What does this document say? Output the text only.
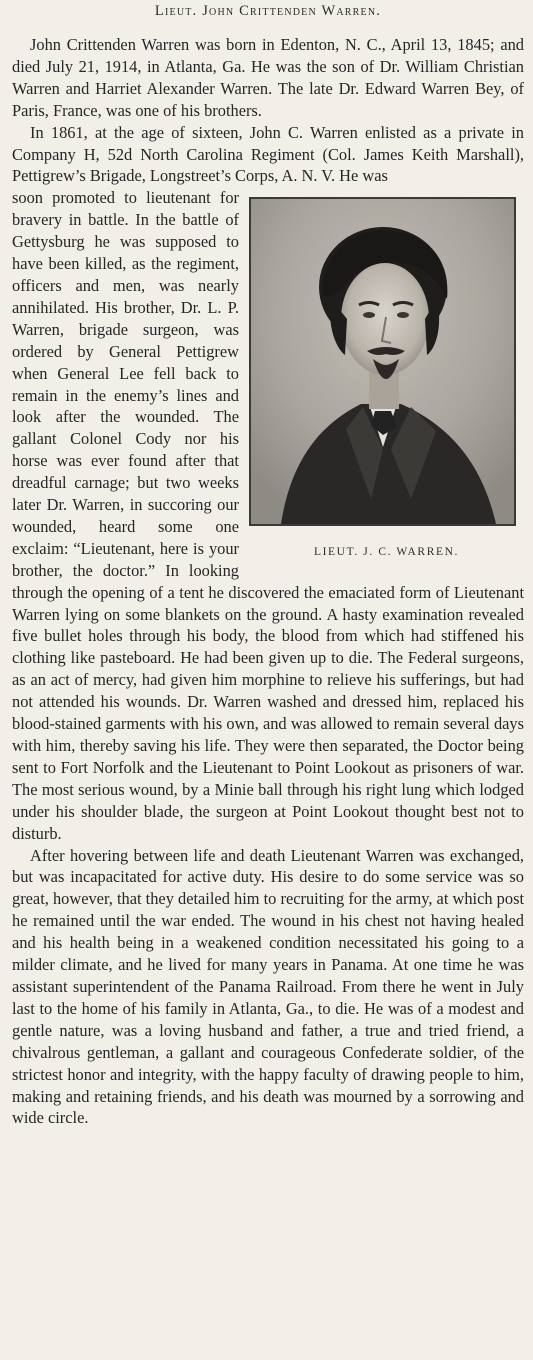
Lieut. John Crittenden Warren.

John Crittenden Warren was born in Edenton, N. C., April 13, 1845; and died July 21, 1914, in Atlanta, Ga. He was the son of Dr. William Christian Warren and Harriet Alexander Warren. The late Dr. Edward Warren Bey, of Paris, France, was one of his brothers.

In 1861, at the age of sixteen, John C. Warren enlisted as a private in Company H, 52d North Carolina Regiment (Col. James Keith Marshall), Pettigrew’s Brigade, Longstreet’s Corps, A. N. V. He was

LIEUT. J. C. WARREN.

soon promoted to lieutenant for bravery in battle. In the battle of Gettysburg he was supposed to have been killed, as the regiment, officers and men, was nearly annihilated. His brother, Dr. L. P. Warren, brigade surgeon, was ordered by General Pettigrew when General Lee fell back to remain in the enemy’s lines and look after the wounded. The gallant Colonel Cody nor his horse was ever found after that dreadful carnage; but two weeks later Dr. Warren, in succoring our wounded, heard some one exclaim: “Lieutenant, here is your brother, the doctor.” In looking through the opening of a tent he discovered the emaciated form of Lieutenant Warren lying on some blankets on the ground. A hasty examination revealed five bullet holes through his body, the blood from which had stiffened his clothing like pasteboard. He had been given up to die. The Federal surgeons, as an act of mercy, had given him morphine to relieve his sufferings, but had not attended his wounds. Dr. Warren washed and dressed him, replaced his blood-stained garments with his own, and was allowed to remain several days with him, thereby saving his life. They were then separated, the Doctor being sent to Fort Norfolk and the Lieutenant to Point Lookout as prisoners of war. The most serious wound, by a Minie ball through his right lung which lodged under his shoulder blade, the surgeon at Point Lookout thought best not to disturb.

After hovering between life and death Lieutenant Warren was exchanged, but was incapacitated for active duty. His desire to do some service was so great, however, that they detailed him to recruiting for the army, at which post he remained until the war ended. The wound in his chest not having healed and his health being in a weakened condition necessitated his going to a milder climate, and he lived for many years in Panama. At one time he was assistant superintendent of the Panama Railroad. From there he went in July last to the home of his family in Atlanta, Ga., to die. He was of a modest and gentle nature, was a loving husband and father, a true and tried friend, a chivalrous gentleman, a gallant and courageous Confederate soldier, of the strictest honor and integrity, with the happy faculty of drawing people to him, making and retaining friends, and his death was mourned by a sorrowing and wide circle.
